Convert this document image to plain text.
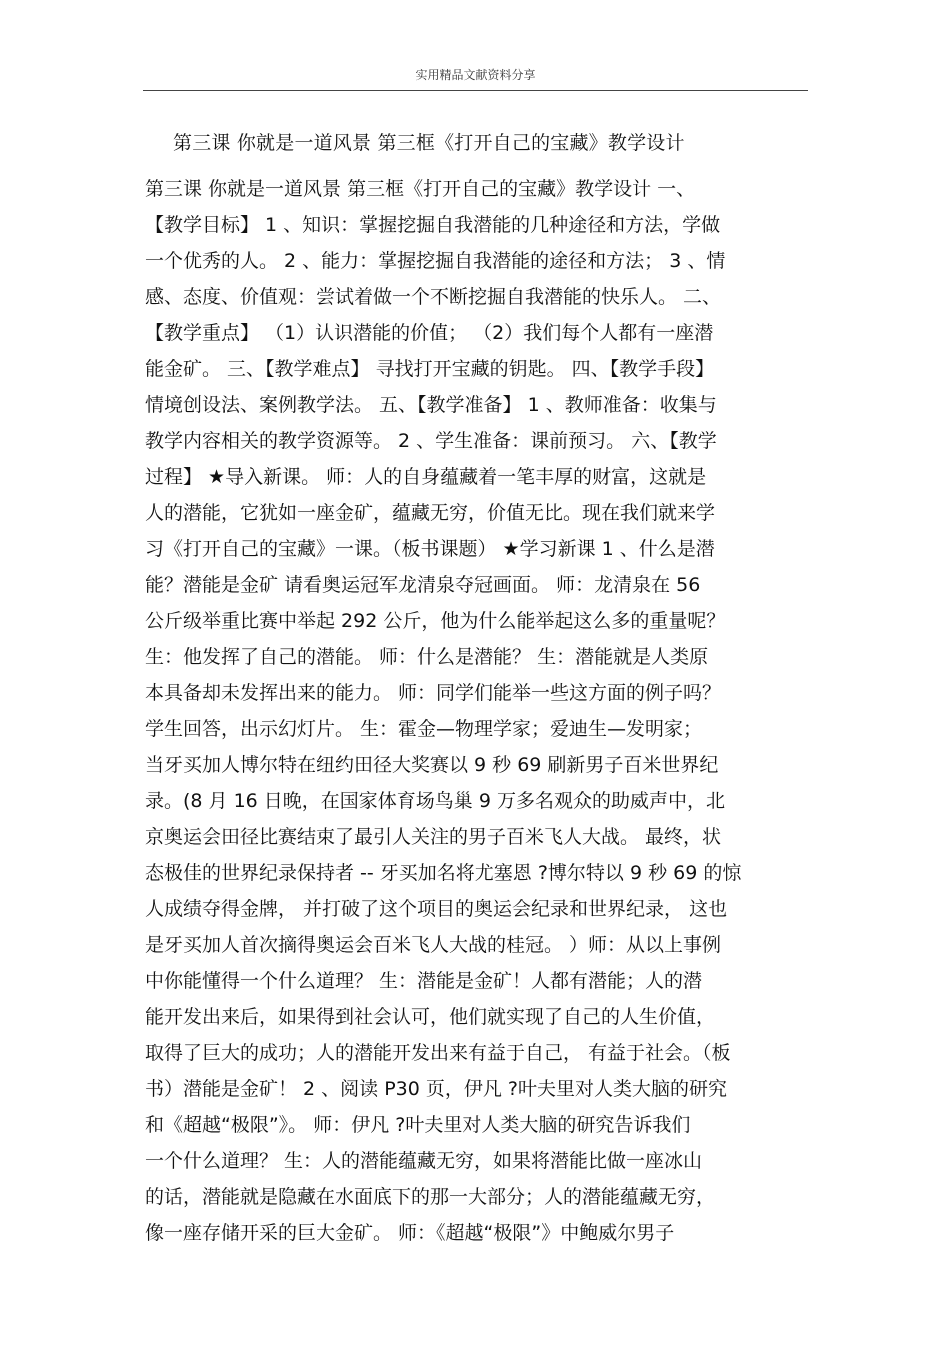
实用精品文献资料分享
第三课 你就是一道风景 第三框《打开自己的宝藏》教学设计
第三课 你就是一道风景 第三框《打开自己的宝藏》教学设计 一、
【教学目标】 1 、知识：掌握挖掘自我潜能的几种途径和方法，学做
一个优秀的人。 2 、能力：掌握挖掘自我潜能的途径和方法； 3 、情
感、态度、价值观：尝试着做一个不断挖掘自我潜能的快乐人。 二、
【教学重点】 （1）认识潜能的价值； （2）我们每个人都有一座潜
能金矿。 三、【教学难点】 寻找打开宝藏的钥匙。 四、【教学手段】
情境创设法、案例教学法。 五、【教学准备】 1 、教师准备：收集与
教学内容相关的教学资源等。 2 、学生准备：课前预习。 六、【教学
过程】 ★导入新课。 师：人的自身蕴藏着一笔丰厚的财富，这就是
人的潜能，它犹如一座金矿，蕴藏无穷，价值无比。现在我们就来学
习《打开自己的宝藏》一课。（板书课题） ★学习新课 1 、什么是潜
能？潜能是金矿 请看奥运冠军龙清泉夺冠画面。 师：龙清泉在 56
公斤级举重比赛中举起 292 公斤，他为什么能举起这么多的重量呢？
生：他发挥了自己的潜能。 师：什么是潜能？ 生：潜能就是人类原
本具备却未发挥出来的能力。 师：同学们能举一些这方面的例子吗？
学生回答，出示幻灯片。 生：霍金—物理学家；爱迪生—发明家；
当牙买加人博尔特在纽约田径大奖赛以 9 秒 69 刷新男子百米世界纪
录。(8 月 16 日晚，在国家体育场鸟巢 9 万多名观众的助威声中，北
京奥运会田径比赛结束了最引人关注的男子百米飞人大战。 最终，状
态极佳的世界纪录保持者 -- 牙买加名将尤塞恩 ?博尔特以 9 秒 69 的惊
人成绩夺得金牌， 并打破了这个项目的奥运会纪录和世界纪录， 这也
是牙买加人首次摘得奥运会百米飞人大战的桂冠。 ）师：从以上事例
中你能懂得一个什么道理？ 生：潜能是金矿！人都有潜能；人的潜
能开发出来后，如果得到社会认可，他们就实现了自己的人生价值，
取得了巨大的成功；人的潜能开发出来有益于自己， 有益于社会。（板
书）潜能是金矿！ 2 、阅读 P30 页，伊凡 ?叶夫里对人类大脑的研究
和《超越“极限”》。 师：伊凡 ?叶夫里对人类大脑的研究告诉我们
一个什么道理？ 生：人的潜能蕴藏无穷，如果将潜能比做一座冰山
的话，潜能就是隐藏在水面底下的那一大部分；人的潜能蕴藏无穷，
像一座存储开采的巨大金矿。 师：《超越“极限”》中鲍威尔男子
